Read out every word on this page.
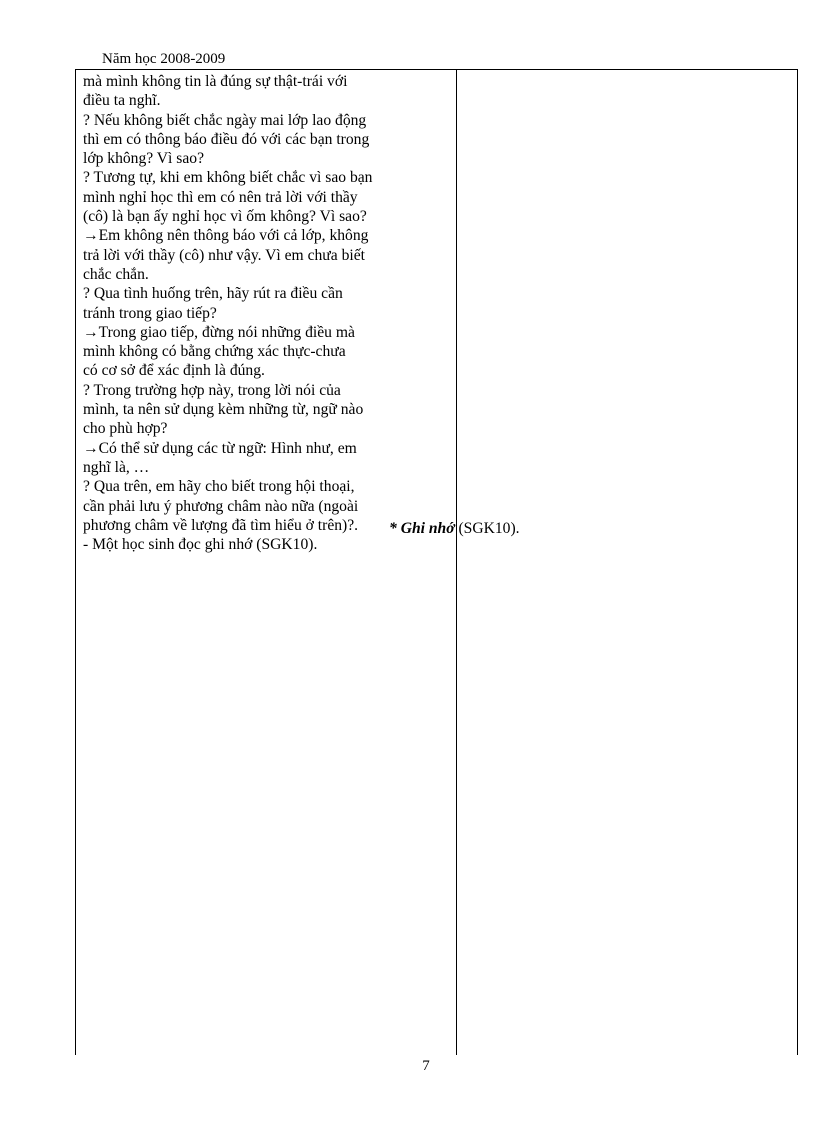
Năm học 2008-2009
mà mình không tin là đúng sự thật-trái với
điều ta nghĩ.
? Nếu không biết chắc ngày mai lớp lao động
thì em có thông báo điều đó với các bạn trong
lớp không? Vì sao?
? Tương tự, khi em không biết chắc vì sao bạn
mình nghỉ học thì em có nên trả lời với thầy
(cô) là bạn ấy nghỉ học vì ốm không? Vì sao?
→Em không nên thông báo với cả lớp, không
trả lời với thầy (cô) như vậy. Vì em chưa biết
chắc chắn.
? Qua tình huống trên, hãy rút ra điều cần
tránh trong giao tiếp?
→Trong giao tiếp, đừng nói những điều mà
mình không có bằng chứng xác thực-chưa
có cơ sở để xác định là đúng.
? Trong trường hợp này, trong lời nói của
mình, ta nên sử dụng kèm những từ, ngữ nào
cho phù hợp?
→Có thể sử dụng các từ ngữ: Hình như, em
nghĩ là, …
? Qua trên, em hãy cho biết trong hội thoại,
cần phải lưu ý phương châm nào nữa (ngoài
phương châm về lượng đã tìm hiểu ở trên)?.
- Một học sinh đọc ghi nhớ (SGK10).
* Ghi nhớ (SGK10).
7
